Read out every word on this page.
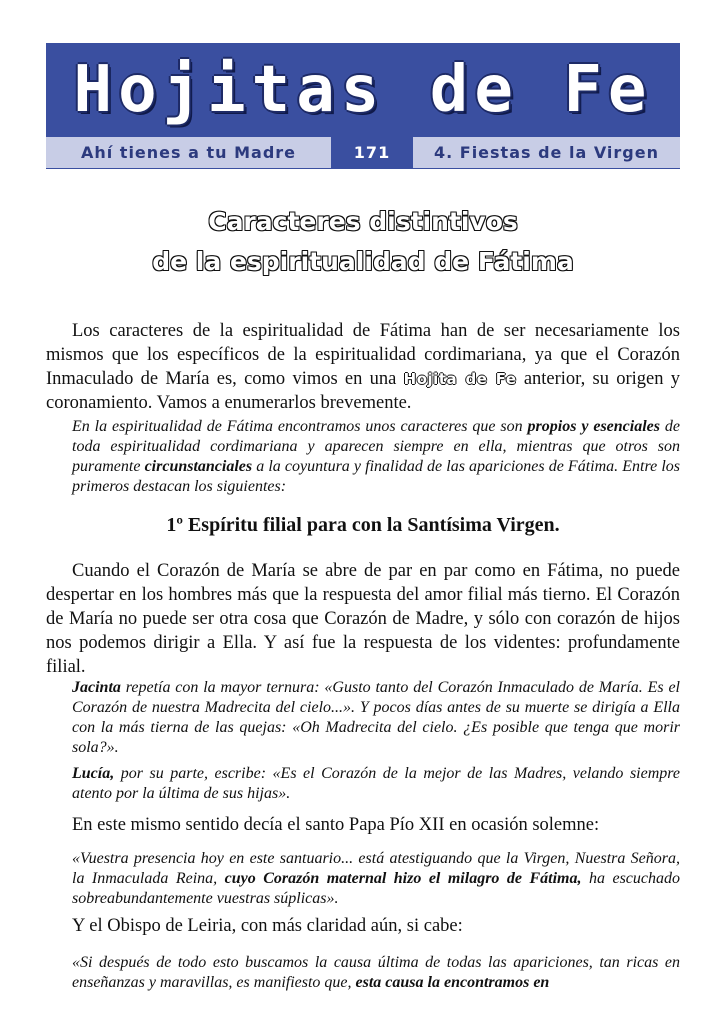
Hojitas de Fe
Ahí tienes a tu Madre	171	4. Fiestas de la Virgen
Caracteres distintivos
de la espiritualidad de Fátima
Los caracteres de la espiritualidad de Fátima han de ser necesariamente los mismos que los específicos de la espiritualidad cordimariana, ya que el Corazón Inmaculado de María es, como vimos en una Hojita de Fe anterior, su origen y coronamiento. Vamos a enumerarlos brevemente.
En la espiritualidad de Fátima encontramos unos caracteres que son propios y esenciales de toda espiritualidad cordimariana y aparecen siempre en ella, mientras que otros son puramente circunstanciales a la coyuntura y finalidad de las apariciones de Fátima. Entre los primeros destacan los siguientes:
1º Espíritu filial para con la Santísima Virgen.
Cuando el Corazón de María se abre de par en par como en Fátima, no puede despertar en los hombres más que la respuesta del amor filial más tierno. El Corazón de María no puede ser otra cosa que Corazón de Madre, y sólo con corazón de hijos nos podemos dirigir a Ella. Y así fue la respuesta de los videntes: profundamente filial.
Jacinta repetía con la mayor ternura: «Gusto tanto del Corazón Inmaculado de María. Es el Corazón de nuestra Madrecita del cielo...». Y pocos días antes de su muerte se dirigía a Ella con la más tierna de las quejas: «Oh Madrecita del cielo. ¿Es posible que tenga que morir sola?».
Lucía, por su parte, escribe: «Es el Corazón de la mejor de las Madres, velando siempre atento por la última de sus hijas».
En este mismo sentido decía el santo Papa Pío XII en ocasión solemne:
«Vuestra presencia hoy en este santuario... está atestiguando que la Virgen, Nuestra Señora, la Inmaculada Reina, cuyo Corazón maternal hizo el milagro de Fátima, ha escuchado sobreabundantemente vuestras súplicas».
Y el Obispo de Leiria, con más claridad aún, si cabe:
«Si después de todo esto buscamos la causa última de todas las apariciones, tan ricas en enseñanzas y maravillas, es manifiesto que, esta causa la encontramos en
